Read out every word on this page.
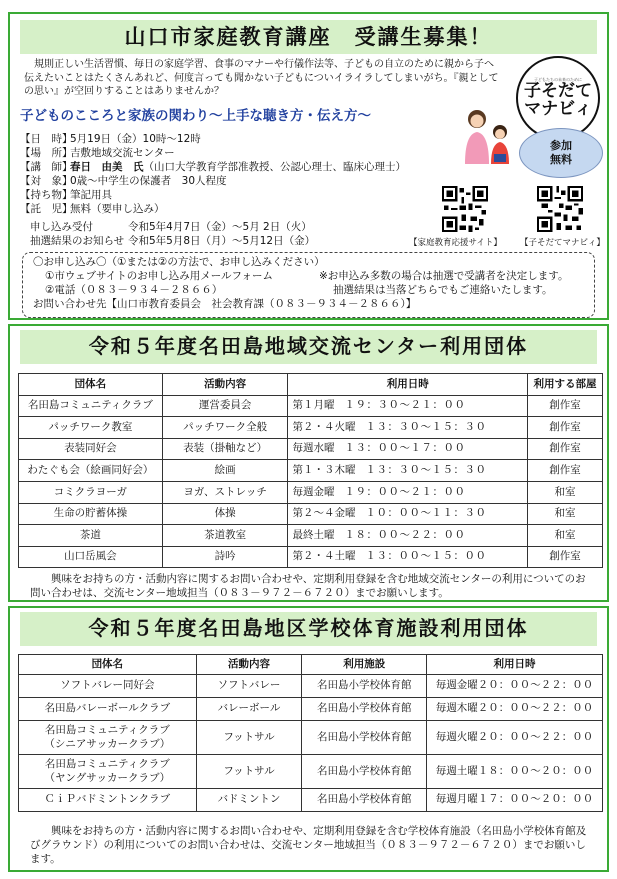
山口市家庭教育講座　受講生募集！

規則正しい生活習慣、毎日の家庭学習、食事のマナーや行儀作法等、子どもの自立のために親から子へ伝えたいことはたくさんあれど、何度言っても聞かない子どもについイライラしてしまいがち。『親としての思い』が空回りすることはありませんか？

子どもたちの未来のために
子そだてマナビィ
子どものこころと家族の関わり～上手な聴き方・伝え方～
参加
無料
【日　時】
5月19日（金）10時～12時
【場　所】
吉敷地域交流センター
【講　師】
春日　由美　氏（山口大学教育学部准教授、公認心理士、臨床心理士）
【対　象】
0歳～中学生の保護者　30人程度
【持ち物】
筆記用具
【託　児】
無料（要申し込み）
申し込み受付	令和5年4月7日（金）～5月 2日（火）
抽選結果のお知らせ 令和5年5月8日（月）～5月12日（金）	【家庭教育応援サイト】 【子そだてマナビィ】
〇お申し込み〇（①または②の方法で、お申し込みください）
①市ウェブサイトのお申し込み用メールフォーム	※お申込み多数の場合は抽選で受講者を決定します。
②電話（０８３－９３４－２８６６）	抽選結果は当落どちらでもご連絡いたします。
お問い合わせ先【山口市教育委員会　社会教育課（０８３－９３４－２８６６）】
令和５年度名田島地域交流センター利用団体
団体名	活動内容	利用日時	利用する部屋
名田島コミュニティクラブ	運営委員会	第１月曜 １９：３０～２１：００	創作室
パッチワーク教室	パッチワーク全般	第２・４火曜 １３：３０～１５：３０	創作室
表装同好会	表装（掛軸など）	毎週水曜 １３：００～１７：００	創作室
わたぐも会（絵画同好会）	絵画	第１・３木曜 １３：３０～１５：３０	創作室
コミクラヨーガ	ヨガ、ストレッチ	毎週金曜 １９：００～２１：００	和室
生命の貯蓄体操	体操	第２～４金曜 １０：００～１１：３０	和室
茶道	茶道教室	最終土曜 １８：００～２２：００	和室
山口岳風会	詩吟	第２・４土曜 １３：００～１５：００	創作室

興味をお持ちの方・活動内容に関するお問い合わせや、定期利用登録を含む地域交流センターの利用についてのお問い合わせは、交流センター地域担当（０８３－９７２－６７２０）までお願いします。

令和５年度名田島地区学校体育施設利用団体
団体名	活動内容	利用施設	利用日時
ソフトバレー同好会	ソフトバレー	名田島小学校体育館	毎週金曜２０：００～２２：００
名田島バレーボールクラブ	バレーボール	名田島小学校体育館	毎週木曜２０：００～２２：００
名田島コミュニティクラブ
（シニアサッカークラブ）	フットサル	名田島小学校体育館	毎週火曜２０：００～２２：００
名田島コミュニティクラブ
（ヤングサッカークラブ）	フットサル	名田島小学校体育館	毎週土曜１８：００～２０：００
ＣｉＰバドミントンクラブ	バドミントン	名田島小学校体育館	毎週月曜１７：００～２０：００

興味をお持ちの方・活動内容に関するお問い合わせや、定期利用登録を含む学校体育施設（名田島小学校体育館及びグラウンド）の利用についてのお問い合わせは、交流センター地域担当（０８３－９７２－６７２０）までお願いします。
